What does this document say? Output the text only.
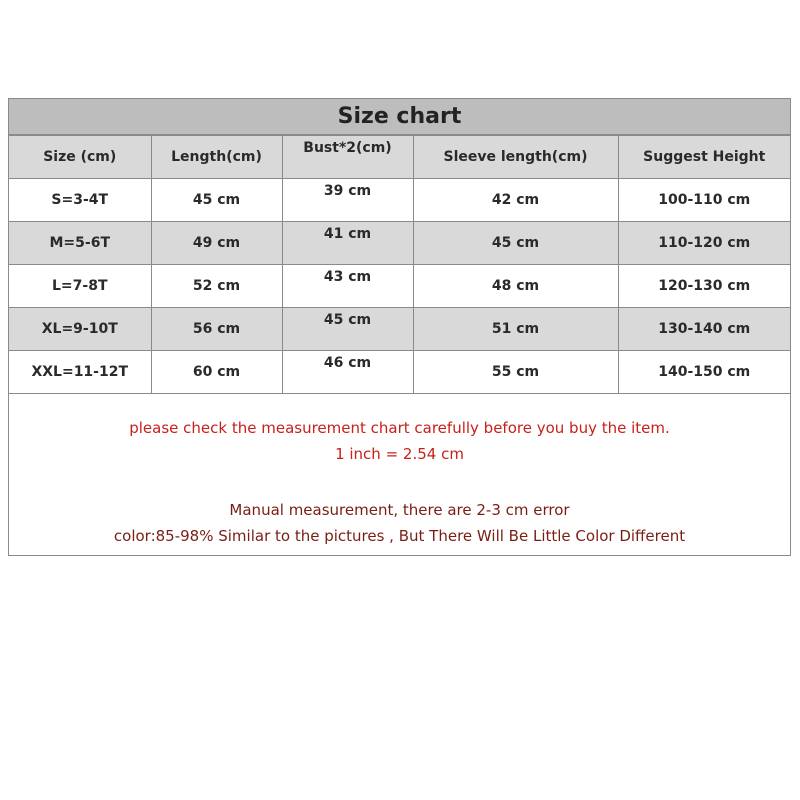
Size chart
Size (cm)	Length(cm)	Bust*2(cm)	Sleeve length(cm)	Suggest Height
S=3-4T	45 cm	39 cm	42 cm	100-110 cm
M=5-6T	49 cm	41 cm	45 cm	110-120 cm
L=7-8T	52 cm	43 cm	48 cm	120-130 cm
XL=9-10T	56 cm	45 cm	51 cm	130-140 cm
XXL=11-12T	60 cm	46 cm	55 cm	140-150 cm
please check the measurement chart carefully before you buy the item.
1 inch = 2.54 cm
Manual measurement, there are 2-3 cm error
color:85-98% Similar to the pictures , But There Will Be Little Color Different
